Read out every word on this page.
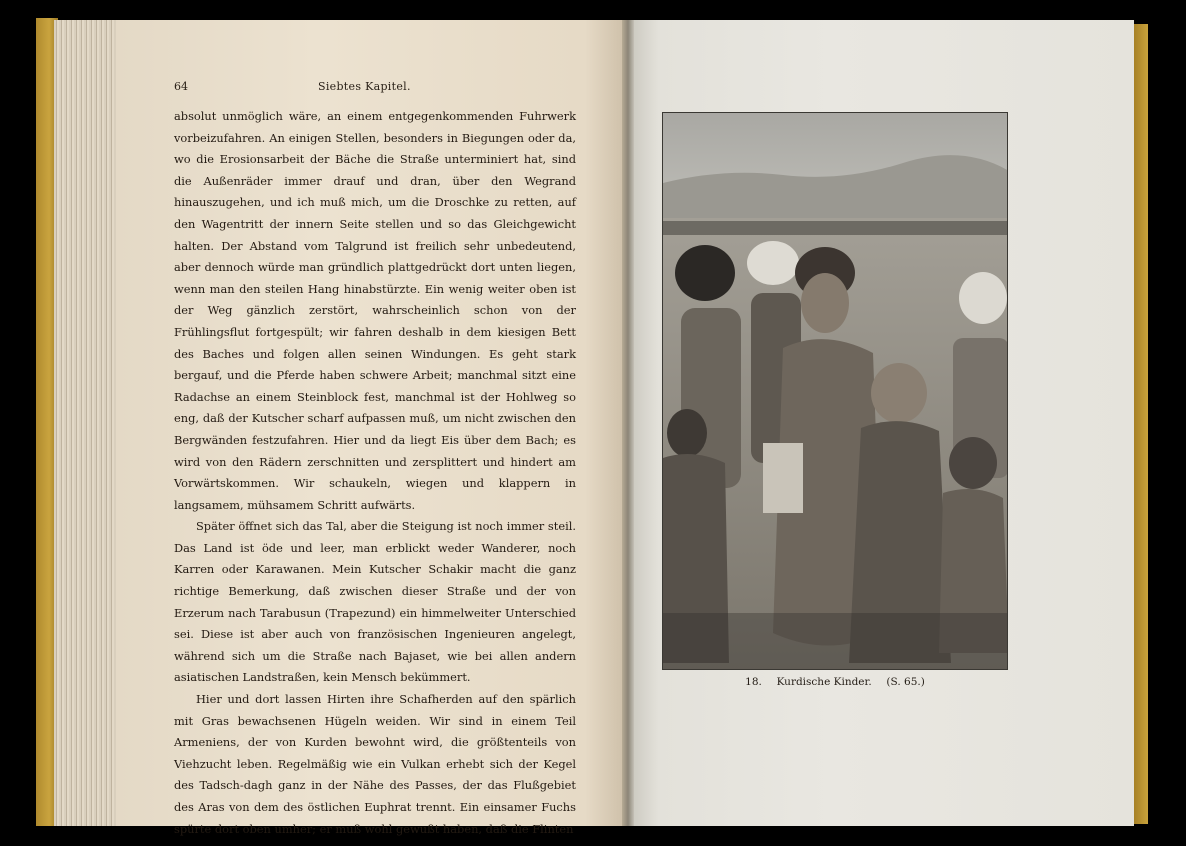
64	Siebtes Kapitel.

absolut unmöglich wäre, an einem entgegenkommenden Fuhrwerk vorbeizufahren. An einigen Stellen, besonders in Biegungen oder da, wo die Erosionsarbeit der Bäche die Straße unterminiert hat, sind die Außenräder immer drauf und dran, über den Wegrand hinauszugehen, und ich muß mich, um die Droschke zu retten, auf den Wagentritt der innern Seite stellen und so das Gleichgewicht halten. Der Abstand vom Talgrund ist freilich sehr unbedeutend, aber dennoch würde man gründlich plattgedrückt dort unten liegen, wenn man den steilen Hang hinabstürzte. Ein wenig weiter oben ist der Weg gänzlich zerstört, wahrscheinlich schon von der Frühlingsflut fortgespült; wir fahren deshalb in dem kiesigen Bett des Baches und folgen allen seinen Windungen. Es geht stark bergauf, und die Pferde haben schwere Arbeit; manchmal sitzt eine Radachse an einem Steinblock fest, manchmal ist der Hohlweg so eng, daß der Kutscher scharf aufpassen muß, um nicht zwischen den Bergwänden festzufahren. Hier und da liegt Eis über dem Bach; es wird von den Rädern zerschnitten und zersplittert und hindert am Vorwärtskommen. Wir schaukeln, wiegen und klappern in langsamem, mühsamem Schritt aufwärts.

Später öffnet sich das Tal, aber die Steigung ist noch immer steil. Das Land ist öde und leer, man erblickt weder Wanderer, noch Karren oder Karawanen. Mein Kutscher Schakir macht die ganz richtige Bemerkung, daß zwischen dieser Straße und der von Erzerum nach Tarabusun (Trapezund) ein himmelweiter Unterschied sei. Diese ist aber auch von französischen Ingenieuren angelegt, während sich um die Straße nach Bajaset, wie bei allen andern asiatischen Landstraßen, kein Mensch bekümmert.

Hier und dort lassen Hirten ihre Schafherden auf den spärlich mit Gras bewachsenen Hügeln weiden. Wir sind in einem Teil Armeniens, der von Kurden bewohnt wird, die größtenteils von Viehzucht leben. Regelmäßig wie ein Vulkan erhebt sich der Kegel des Tadsch-dagh ganz in der Nähe des Passes, der das Flußgebiet des Aras von dem des östlichen Euphrat trennt. Ein einsamer Fuchs spürte dort oben umher; er muß wohl gewußt haben, daß die Flinten

18. Kurdische Kinder. (S. 65.)
